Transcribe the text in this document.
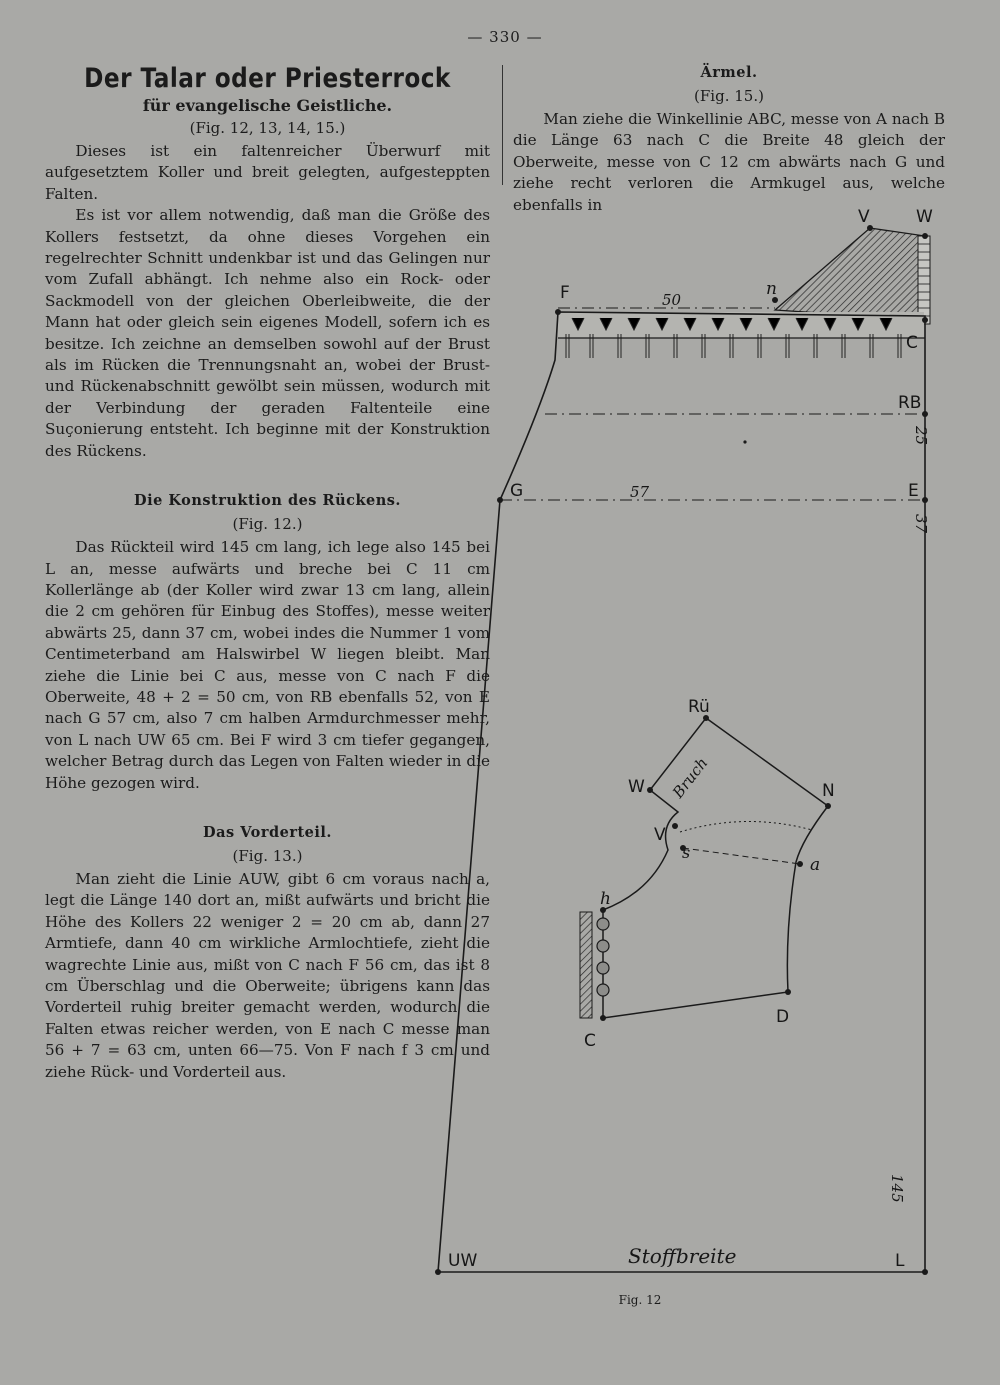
— 330 —
Der Talar oder Priesterrock
für evangelische Geistliche.
(Fig. 12, 13, 14, 15.)

Dieses ist ein faltenreicher Überwurf mit aufgesetztem Koller und breit gelegten, aufgesteppten Falten.

Es ist vor allem notwendig, daß man die Größe des Kollers festsetzt, da ohne dieses Vorgehen ein regelrechter Schnitt undenkbar ist und das Gelingen nur vom Zufall abhängt. Ich nehme also ein Rock- oder Sackmodell von der gleichen Oberleibweite, die der Mann hat oder gleich sein eigenes Modell, sofern ich es besitze. Ich zeichne an demselben sowohl auf der Brust als im Rücken die Trennungsnaht an, wobei der Brust- und Rückenabschnitt gewölbt sein müssen, wodurch mit der Verbindung der geraden Faltenteile eine Suçonierung entsteht. Ich beginne mit der Konstruktion des Rückens.

Die Konstruktion des Rückens.
(Fig. 12.)

Das Rückteil wird 145 cm lang, ich lege also 145 bei L an, messe aufwärts und breche bei C 11 cm Kollerlänge ab (der Koller wird zwar 13 cm lang, allein die 2 cm gehören für Einbug des Stoffes), messe weiter abwärts 25, dann 37 cm, wobei indes die Nummer 1 vom Centimeterband am Halswirbel W liegen bleibt. Man ziehe die Linie bei C aus, messe von C nach F die Oberweite, 48 + 2 = 50 cm, von RB ebenfalls 52, von E nach G 57 cm, also 7 cm halben Armdurchmesser mehr, von L nach UW 65 cm. Bei F wird 3 cm tiefer gegangen, welcher Betrag durch das Legen von Falten wieder in die Höhe gezogen wird.

Das Vorderteil.
(Fig. 13.)

Man zieht die Linie AUW, gibt 6 cm voraus nach a, legt die Länge 140 dort an, mißt aufwärts und bricht die Höhe des Kollers 22 weniger 2 = 20 cm ab, dann 27 Armtiefe, dann 40 cm wirkliche Armlochtiefe, zieht die wagrechte Linie aus, mißt von C nach F 56 cm, das ist 8 cm Überschlag und die Oberweite; übrigens kann das Vorderteil ruhig breiter gemacht werden, wodurch die Falten etwas reicher werden, von E nach C messe man 56 + 7 = 63 cm, unten 66—75. Von F nach f 3 cm und ziehe Rück- und Vorderteil aus.

Ärmel.
(Fig. 15.)

Man ziehe die Winkellinie ABC, messe von A nach B die Länge 63 nach C die Breite 48 gleich der Oberweite, messe von C 12 cm abwärts nach G und ziehe recht verloren die Armkugel aus, welche ebenfalls in

V	W
n
F
C
RB
G	E
UW	L
50
25
57
37
145
Stoffbreite
Rü
W	N
V
s
a
h
C
D
Bruch
Fig. 12
